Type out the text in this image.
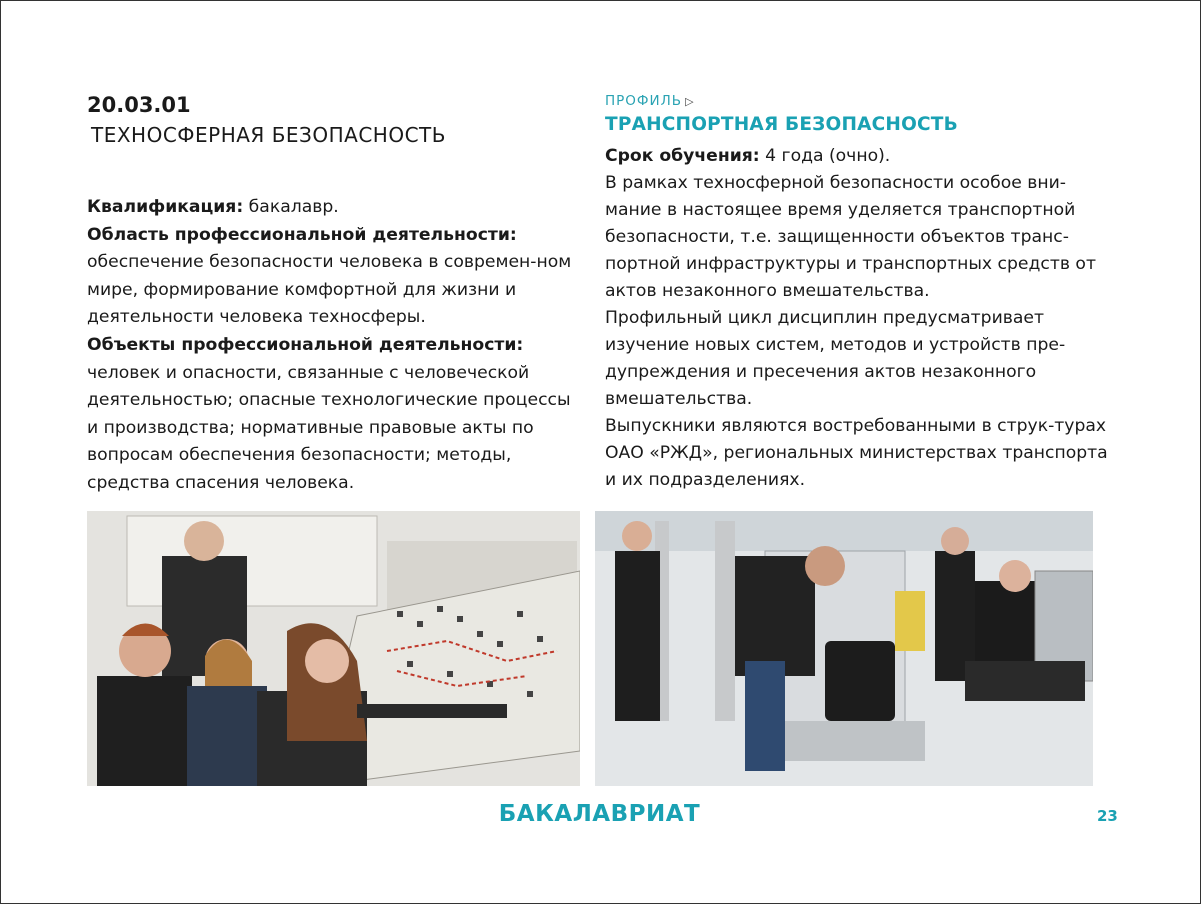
20.03.01
ТЕХНОСФЕРНАЯ БЕЗОПАСНОСТЬ

Квалификация: бакалавр.

Область профессиональной деятельности:

обеспечение безопасности человека в современ-ном мире, формирование комфортной для жизни и деятельности человека техносферы.

Объекты профессиональной деятельности:

человек и опасности, связанные с человеческой деятельностью; опасные технологические процессы и производства; нормативные правовые акты по вопросам обеспечения безопасности; методы, средства спасения человека.

ПРОФИЛЬ ▷
ТРАНСПОРТНАЯ БЕЗОПАСНОСТЬ

Срок обучения: 4 года (очно).

В рамках техносферной безопасности особое вни-мание в настоящее время уделяется транспортной безопасности, т.е. защищенности объектов транс-портной инфраструктуры и транспортных средств от актов незаконного вмешательства.

Профильный цикл дисциплин предусматривает изучение новых систем, методов и устройств пре-дупреждения и пресечения актов незаконного вмешательства.

Выпускники являются востребованными в струк-турах ОАО «РЖД», региональных министерствах транспорта и их подразделениях.

БАКАЛАВРИАТ	23
